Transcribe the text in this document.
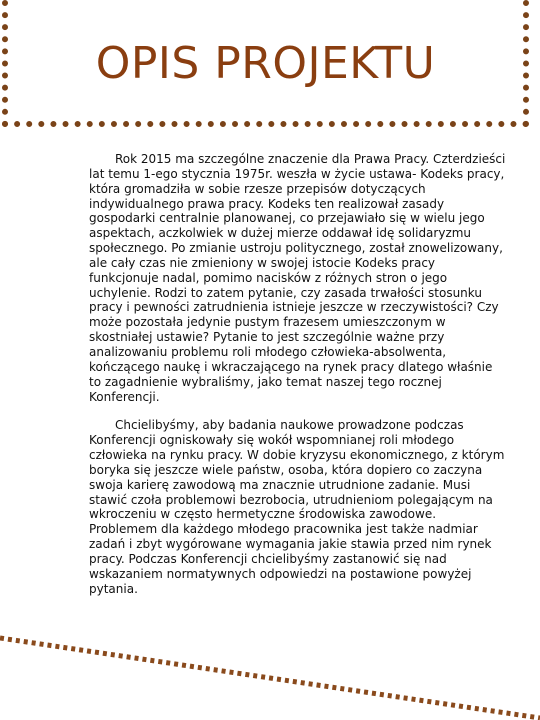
OPIS PROJEKTU

Rok 2015 ma szczególne znaczenie dla Prawa Pracy. Czterdzieści lat temu 1-ego stycznia 1975r. weszła w życie ustawa- Kodeks pracy, która gromadziła w sobie rzesze przepisów dotyczących indywidualnego prawa pracy. Kodeks ten realizował zasady gospodarki centralnie planowanej, co przejawiało się w wielu jego aspektach, aczkolwiek w dużej mierze oddawał idę solidaryzmu społecznego. Po zmianie ustroju politycznego, został znowelizowany, ale cały czas nie zmieniony w swojej istocie Kodeks pracy funkcjonuje nadal, pomimo nacisków z różnych stron o jego uchylenie. Rodzi to zatem pytanie, czy zasada trwałości stosunku pracy i pewności zatrudnienia istnieje jeszcze w rzeczywistości? Czy może pozostała jedynie pustym frazesem umieszczonym w skostniałej ustawie? Pytanie to jest szczególnie ważne przy analizowaniu problemu roli młodego człowieka-absolwenta, kończącego naukę i wkraczającego na rynek pracy dlatego właśnie to zagadnienie wybraliśmy, jako temat naszej tego rocznej Konferencji.

Chcielibyśmy, aby badania naukowe prowadzone podczas Konferencji ogniskowały się wokół wspomnianej roli młodego człowieka na rynku pracy. W dobie kryzysu ekonomicznego, z którym boryka się jeszcze wiele państw, osoba, która dopiero co zaczyna swoja karierę zawodową ma znacznie utrudnione zadanie. Musi stawić czoła problemowi bezrobocia, utrudnieniom polegającym na wkroczeniu w często hermetyczne środowiska zawodowe. Problemem dla każdego młodego pracownika jest także nadmiar zadań i zbyt wygórowane wymagania jakie stawia przed nim rynek pracy. Podczas Konferencji chcielibyśmy zastanowić się nad wskazaniem normatywnych odpowiedzi na postawione powyżej pytania.
